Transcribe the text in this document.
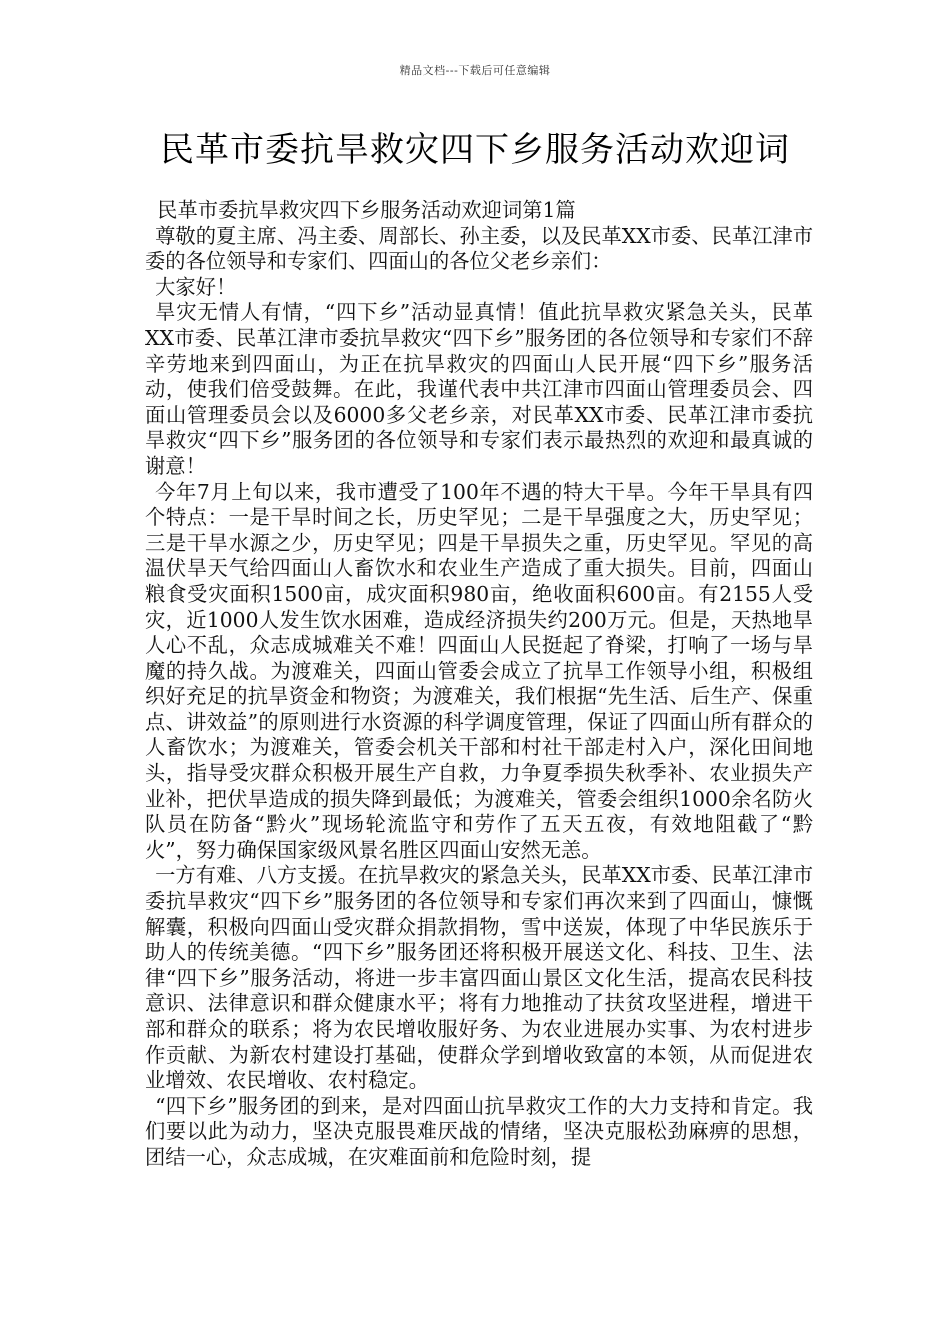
精品文档---下载后可任意编辑
民革市委抗旱救灾四下乡服务活动欢迎词

民革市委抗旱救灾四下乡服务活动欢迎词第1篇

尊敬的夏主席、冯主委、周部长、孙主委，以及民革XX市委、民革江津市委的各位领导和专家们、四面山的各位父老乡亲们：

大家好！

旱灾无情人有情，“四下乡”活动显真情！值此抗旱救灾紧急关头，民革XX市委、民革江津市委抗旱救灾“四下乡”服务团的各位领导和专家们不辞辛劳地来到四面山，为正在抗旱救灾的四面山人民开展“四下乡”服务活动，使我们倍受鼓舞。在此，我谨代表中共江津市四面山管理委员会、四面山管理委员会以及6000多父老乡亲，对民革XX市委、民革江津市委抗旱救灾“四下乡”服务团的各位领导和专家们表示最热烈的欢迎和最真诚的谢意！

今年7月上旬以来，我市遭受了100年不遇的特大干旱。今年干旱具有四个特点：一是干旱时间之长，历史罕见；二是干旱强度之大，历史罕见；三是干旱水源之少，历史罕见；四是干旱损失之重，历史罕见。罕见的高温伏旱天气给四面山人畜饮水和农业生产造成了重大损失。目前，四面山粮食受灾面积1500亩，成灾面积980亩，绝收面积600亩。有2155人受灾，近1000人发生饮水困难，造成经济损失约200万元。但是，天热地旱人心不乱，众志成城难关不难！四面山人民挺起了脊梁，打响了一场与旱魔的持久战。为渡难关，四面山管委会成立了抗旱工作领导小组，积极组织好充足的抗旱资金和物资；为渡难关，我们根据“先生活、后生产、保重点、讲效益”的原则进行水资源的科学调度管理，保证了四面山所有群众的人畜饮水；为渡难关，管委会机关干部和村社干部走村入户，深化田间地头，指导受灾群众积极开展生产自救，力争夏季损失秋季补、农业损失产业补，把伏旱造成的损失降到最低；为渡难关，管委会组织1000余名防火队员在防备“黔火”现场轮流监守和劳作了五天五夜，有效地阻截了“黔火”，努力确保国家级风景名胜区四面山安然无恙。

一方有难、八方支援。在抗旱救灾的紧急关头，民革XX市委、民革江津市委抗旱救灾“四下乡”服务团的各位领导和专家们再次来到了四面山，慷慨解囊，积极向四面山受灾群众捐款捐物，雪中送炭，体现了中华民族乐于助人的传统美德。“四下乡”服务团还将积极开展送文化、科技、卫生、法律“四下乡”服务活动，将进一步丰富四面山景区文化生活，提高农民科技意识、法律意识和群众健康水平；将有力地推动了扶贫攻坚进程，增进干部和群众的联系；将为农民增收服好务、为农业进展办实事、为农村进步作贡献、为新农村建设打基础，使群众学到增收致富的本领，从而促进农业增效、农民增收、农村稳定。

“四下乡”服务团的到来，是对四面山抗旱救灾工作的大力支持和肯定。我们要以此为动力，坚决克服畏难厌战的情绪，坚决克服松劲麻痹的思想，团结一心，众志成城，在灾难面前和危险时刻，提
